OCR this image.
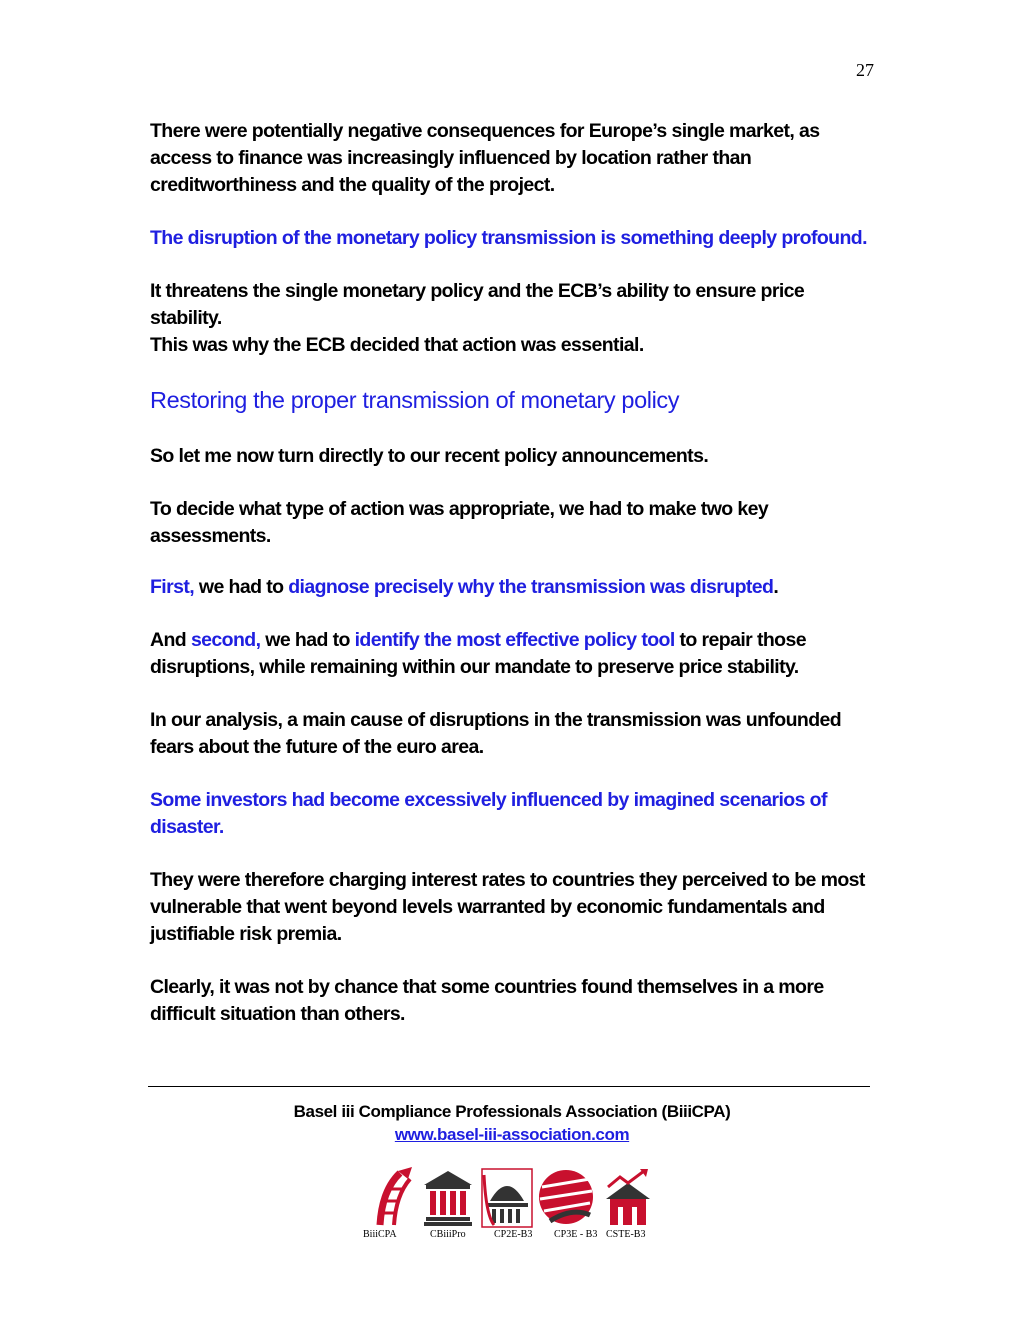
27

There were potentially negative consequences for Europe’s single market, as access to finance was increasingly influenced by location rather than creditworthiness and the quality of the project.

The disruption of the monetary policy transmission is something deeply profound.

It threatens the single monetary policy and the ECB’s ability to ensure price stability.

This was why the ECB decided that action was essential.

Restoring the proper transmission of monetary policy

So let me now turn directly to our recent policy announcements.

To decide what type of action was appropriate, we had to make two key assessments.

First, we had to diagnose precisely why the transmission was disrupted.

And second, we had to identify the most effective policy tool to repair those disruptions, while remaining within our mandate to preserve price stability.

In our analysis, a main cause of disruptions in the transmission was unfounded fears about the future of the euro area.

Some investors had become excessively influenced by imagined scenarios of disaster.

They were therefore charging interest rates to countries they perceived to be most vulnerable that went beyond levels warranted by economic fundamentals and justifiable risk premia.

Clearly, it was not by chance that some countries found themselves in a more difficult situation than others.

Basel iii Compliance Professionals Association (BiiiCPA)
www.basel-iii-association.com
BiiiCPA	CBiiiPro	CP2E-B3 CP3E - B3 CSTE-B3
